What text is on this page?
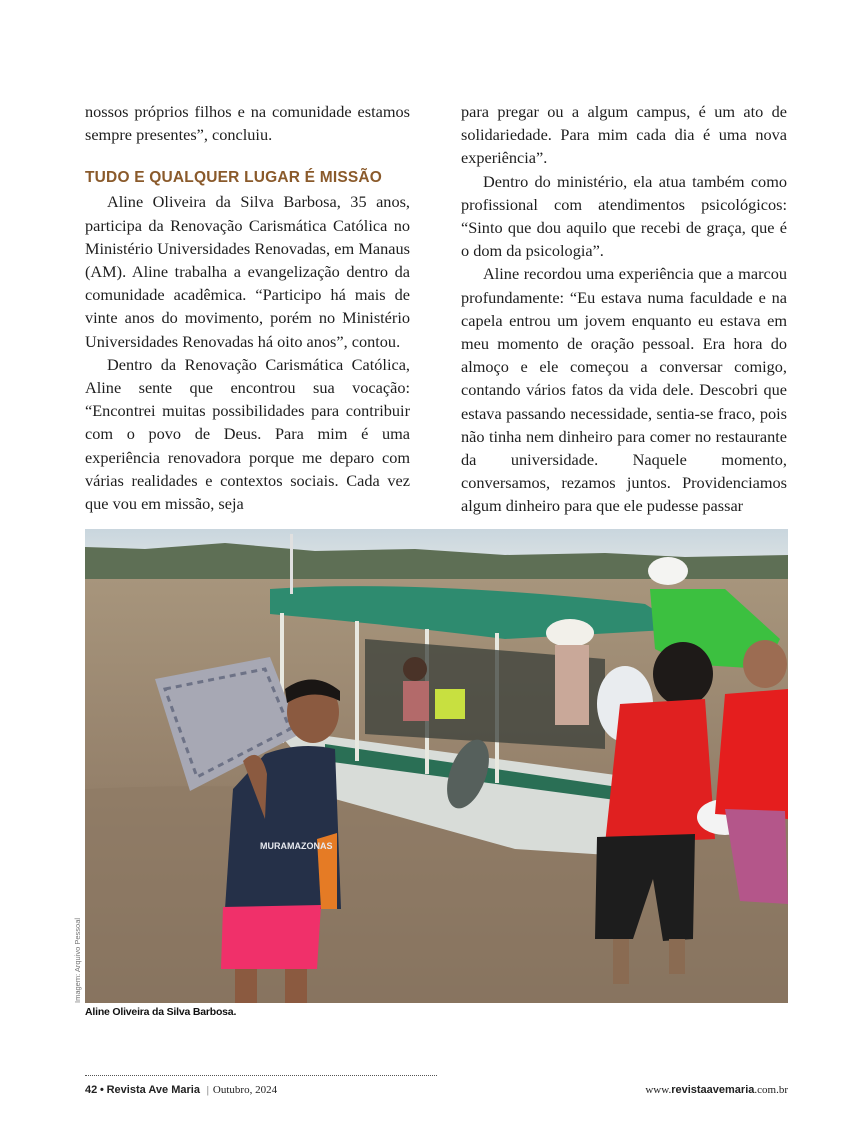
nossos próprios filhos e na comunidade estamos sempre presentes”, concluiu.

TUDO E QUALQUER LUGAR É MISSÃO

Aline Oliveira da Silva Barbosa, 35 anos, participa da Renovação Carismática Católica no Ministério Universidades Renovadas, em Manaus (AM). Aline trabalha a evangelização dentro da comunidade acadêmica. “Participo há mais de vinte anos do movimento, porém no Ministério Universidades Renovadas há oito anos”, contou.

Dentro da Renovação Carismática Católica, Aline sente que encontrou sua vocação: “Encontrei muitas possibilidades para contribuir com o povo de Deus. Para mim é uma experiência renovadora porque me deparo com várias realidades e contextos sociais. Cada vez que vou em missão, seja

para pregar ou a algum campus, é um ato de solidariedade. Para mim cada dia é uma nova experiência”.

Dentro do ministério, ela atua também como profissional com atendimentos psicológicos: “Sinto que dou aquilo que recebi de graça, que é o dom da psicologia”.

Aline recordou uma experiência que a marcou profundamente: “Eu estava numa faculdade e na capela entrou um jovem enquanto eu estava em meu momento de oração pessoal. Era hora do almoço e ele começou a conversar comigo, contando vários fatos da vida dele. Descobri que estava passando necessidade, sentia-se fraco, pois não tinha nem dinheiro para comer no restaurante da universidade. Naquele momento, conversamos, rezamos juntos. Providenciamos algum dinheiro para que ele pudesse passar

MURAMAZONAS
Imagem: Arquivo Pessoal
Aline Oliveira da Silva Barbosa.
42 • Revista Ave Maria | Outubro, 2024	www.revistaavemaria.com.br
